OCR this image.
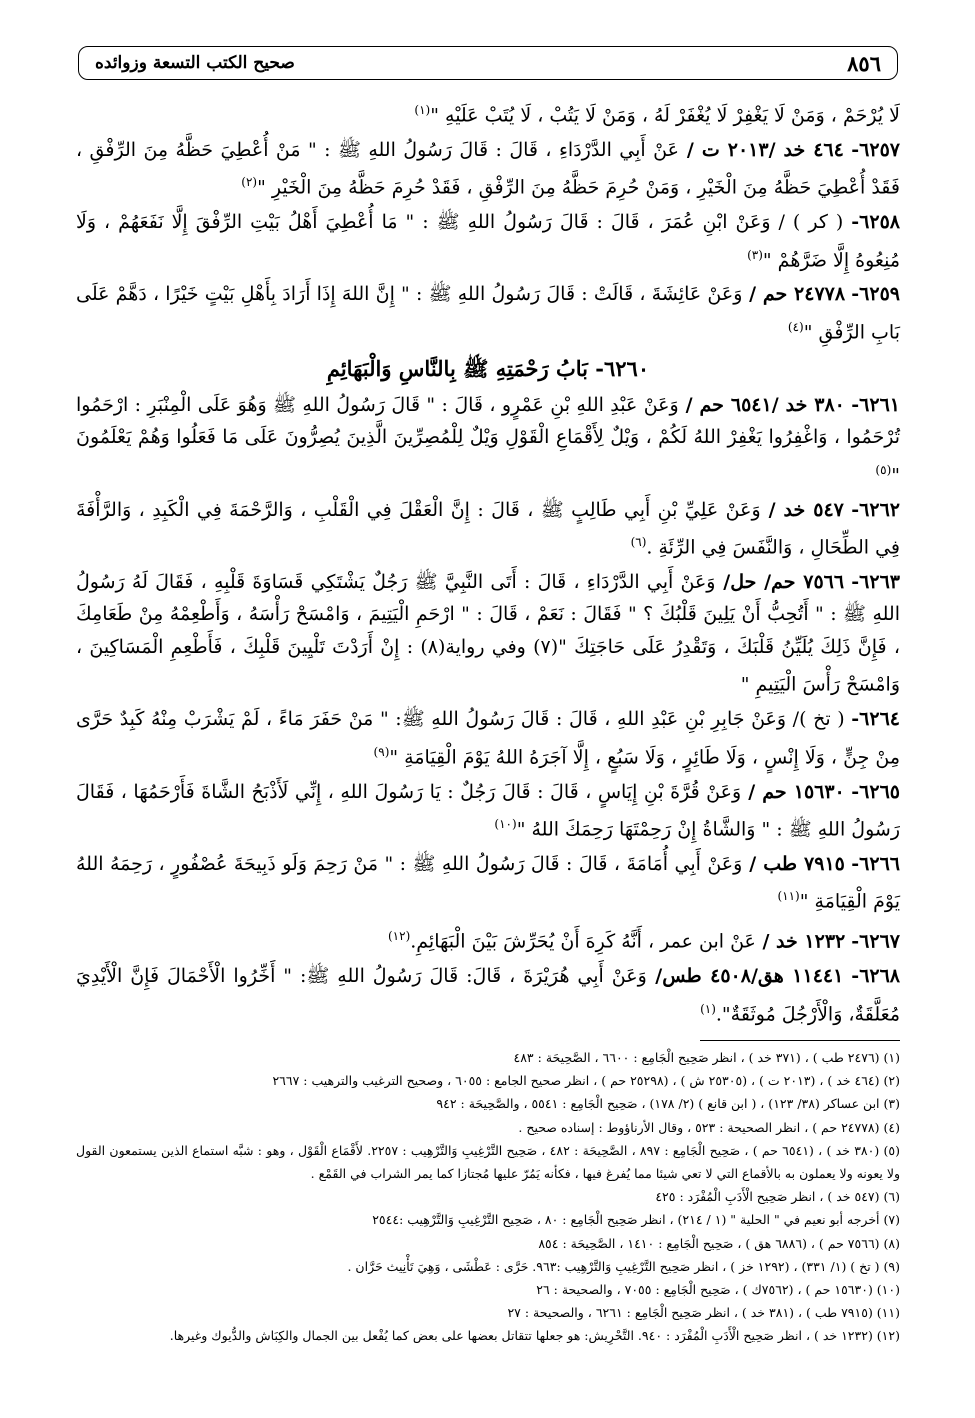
٨٥٦
صحيح الكتب التسعة وزوائده

لَا يُرْحَمْ ، وَمَنْ لَا يَغْفِرْ لَا يُغْفَرْ لَهُ ، وَمَنْ لَا يَتُبْ ، لَا يُتَبْ عَلَيْهِ "$^{(١)}$

٦٢٥٧- ٤٦٤ خد /٢٠١٣ ت / عَنْ أَبِي الدَّرْدَاءِ ، قَالَ : قَالَ رَسُولُ اللهِ ﷺ : " مَنْ أُعْطِيَ حَظَّهُ مِنَ الرِّفْقِ ، فَقَدْ أُعْطِيَ حَظَّهُ مِنَ الْخَيْرِ ، وَمَنْ حُرِمَ حَظَّهُ مِنَ الرِّفْقِ ، فَقَدْ حُرِمَ حَظَّهُ مِنَ الْخَيْرِ "$^{(٢)}$

٦٢٥٨- ( كر ) / وَعَنْ ابْنِ عُمَرَ ، قَالَ : قَالَ رَسُولُ اللهِ ﷺ : " مَا أُعْطِيَ أَهْلُ بَيْتِ الرِّفْقَ إِلَّا نَفَعَهُمْ ، وَلَا مُنِعُوهُ إِلَّا ضَرَّهُمْ "$^{(٣)}$

٦٢٥٩- ٢٤٧٧٨ حم / وَعَنْ عَائِشَةَ ، قَالَتْ : قَالَ رَسُولُ اللهِ ﷺ : " إِنَّ اللهَ إِذَا أَرَادَ بِأَهْلِ بَيْتٍ خَيْرًا ، دَهَّمْ عَلَى بَابِ الرِّفْقِ "$^{(٤)}$

٦٢٦٠- بَابُ رَحْمَتِهِ ﷺ بِالنَّاسِ وَالْبَهَائِمِ

٦٢٦١- ٣٨٠ خد /٦٥٤١ حم / وَعَنْ عَبْدِ اللهِ بْنِ عَمْرٍو ، قَالَ : " قَالَ رَسُولُ اللهِ ﷺ وَهُوَ عَلَى الْمِنْبَرِ : ارْحَمُوا تُرْحَمُوا ، وَاغْفِرُوا يَغْفِرْ اللهُ لَكُمْ ، وَيْلٌ لِأَقْمَاعِ الْقَوْلِ وَيْلٌ لِلْمُصِرِّينَ الَّذِينَ يُصِرُّونَ عَلَى مَا فَعَلُوا وَهُمْ يَعْلَمُونَ "$^{(٥)}$

٦٢٦٢- ٥٤٧ خد / وَعَنْ عَلِيِّ بْنِ أَبِي طَالِبٍ ﷺ ، قَالَ : إِنَّ الْعَقْلَ فِي الْقَلْبِ ، وَالرَّحْمَةَ فِي الْكَبِدِ ، وَالرَّأْفَةَ فِي الطِّحَالِ ، وَالنَّفَسَ فِي الرِّئَةِ .$^{(٦)}$

٦٢٦٣- ٧٥٦٦ حم/ حل/ وَعَنْ أَبِي الدَّرْدَاءِ ، قَالَ : أَتَى النَّبِيَّ ﷺ رَجُلٌ يَشْتَكِي قَسَاوَةَ قَلْبِهِ ، فَقَالَ لَهُ رَسُولُ اللهِ ﷺ : " أَتُحِبُّ أَنْ يَلِينَ قَلْبُكَ ؟ " فَقَالَ : نَعَمْ ، قَالَ : " ارْحَمِ الْيَتِيمَ ، وَامْسَحْ رَأْسَهُ ، وَأَطْعِمْهُ مِنْ طَعَامِكَ ، فَإِنَّ ذَلِكَ يُلَيِّنُ قَلْبَكَ ، وَتَقْدِرُ عَلَى حَاجَتِكَ "(٧) وفي رواية(٨) : إِنْ أَرَدْتَ تَلْيِينَ قَلْبِكَ ، فَأَطْعِمِ الْمَسَاكِينَ ، وَامْسَحْ رَأْسَ الْيَتِيمِ "

٦٢٦٤- ( تخ )/ وَعَنْ جَابِرِ بْنِ عَبْدِ اللهِ ، قَالَ : قَالَ رَسُولُ اللهِ ﷺ: " مَنْ حَفَرَ مَاءً ، لَمْ يَشْرَبْ مِنْهُ كَبِدٌ حَرَّى مِنْ جِنٍّ ، وَلَا إِنْسٍ ، وَلَا طَائِرٍ ، وَلَا سَبُعٍ ، إِلَّا آجَرَهُ اللهُ يَوْمَ الْقِيَامَةِ "$^{(٩)}$

٦٢٦٥- ١٥٦٣٠ حم / وَعَنْ قُرَّةَ بْنِ إِيَاسٍ ، قَالَ : قَالَ رَجُلٌ : يَا رَسُولَ اللهِ ، إِنِّي لَأَذْبَحُ الشَّاةَ فَأَرْحَمُهَا ، فَقَالَ رَسُولُ اللهِ ﷺ : " وَالشَّاةُ إِنْ رَحِمْتَهَا رَحِمَكَ اللهُ "$^{(١٠)}$

٦٢٦٦- ٧٩١٥ طب / وَعَنْ أَبِي أُمَامَةَ ، قَالَ : قَالَ رَسُولُ اللهِ ﷺ : " مَنْ رَحِمَ وَلَو ذَبِيحَةَ عُصْفُورٍ ، رَحِمَهُ اللهُ يَوْمَ الْقِيَامَةِ "$^{(١١)}$

٦٢٦٧- ١٢٣٢ خد / عَنْ ابن عمر ، أَنَّهُ كَرِهَ أَنْ يُحَرِّشَ بَيْنَ الْبَهَائِمِ.$^{(١٢)}$

٦٢٦٨- ١١٤٤١ هق/٤٥٠٨ طس/ وَعَنْ أَبِي هُرَيْرَةَ ، قَالَ: قَالَ رَسُولُ اللهِ ﷺ: " أَخِّرُوا الْأَحْمَالَ فَإِنَّ الْأَيْدِيَ مُعَلَّقَةٌ، وَالْأَرْجُلَ مُوثَقَةٌ".$^{(١)}$

(١) (٢٤٧٦ طب ) ، (٣٧١ خد ) ، انظر صَحِيح الْجَامِع : ٦٦٠٠ ، الصَّحِيحَة : ٤٨٣

(٢) (٤٦٤ خد ) ، (٢٠١٣ ت ) ، (٢٥٣٠٥ ش ) ، (٢٥٢٩٨ حم ) ، انظر صحيح الجامع : ٦٠٥٥ ، وصحيح الترغيب والترهيب : ٢٦٦٧

(٣) ابن عساكر (٣٨/ ١٢٣) ، ( ابن قانع ) (٢/ ١٧٨) ، صَحِيح الْجَامِع : ٥٥٤١ ، والصَّحِيحَة : ٩٤٢

(٤) (٢٤٧٧٨ حم ) ، انظر الصحيحة : ٥٢٣ ، وقال الأرناؤوط : إسناده صحيح .

(٥) (٣٨٠ خد ) ، (٦٥٤١ حم ) ، صَحِيح الْجَامِع : ٨٩٧ ، الصَّحِيحَة : ٤٨٢ ، صَحِيح التَّرْغِيبِ وَالتَّرْهِيب : ٢٢٥٧. لأَقْمَاع الْقَوْل ، وهو : شبَّه استماع الذين يستمعون القول ولا يعونه ولا يعملون به بالأقماع التي لا تعي شيئا مما يُفرغ فيها ، فكأنه يَمُرّ عليها مُجتازا كما يمر الشراب في القَمْع .

(٦) (٥٤٧ خد ) ، انظر صَحِيح الْأَدَبِ الْمُفْرَد : ٤٢٥

(٧) أخرجه أبو نعيم في " الحلية " (١ / ٢١٤) ، انظر صَحِيح الْجَامِع : ٨٠ ، صَحِيح التَّرْغِيبِ وَالتَّرْهِيب :٢٥٤٤

(٨) (٧٥٦٦ حم ) ، (٦٨٨٦ هق ) ، صَحِيح الْجَامِع : ١٤١٠ ، الصَّحِيحَة : ٨٥٤

(٩) ( تخ ) (١/ ٣٣١) ، (١٢٩٢ خز ) ، انظر صَحِيح التَّرْغِيبِ وَالتَّرْهِيب :٩٦٣. حَرَّى : عَطْشَى ، وَهِيَ تَأْنِيث حَرَّان .

(١٠) (١٥٦٣٠ حم ) ، (٧٥٦٢ك ) ، صَحِيح الْجَامِع : ٧٠٥٥ ، والصحيحة : ٢٦

(١١) (٧٩١٥ طب ) ، (٣٨١ خد ) ، انظر صَحِيح الْجَامِع : ٦٢٦١ ، والصحيحة : ٢٧

(١٢) (١٢٣٢ خد ) ، انظر صَحِيح الْأَدَبِ الْمُفْرَد : ٩٤٠. التَّحْرِيش: هو جعلها تتقاتل بعضها على بعض كما يُفْعل بين الجمال والكِبَاش والدُّيوك وغيرها.
